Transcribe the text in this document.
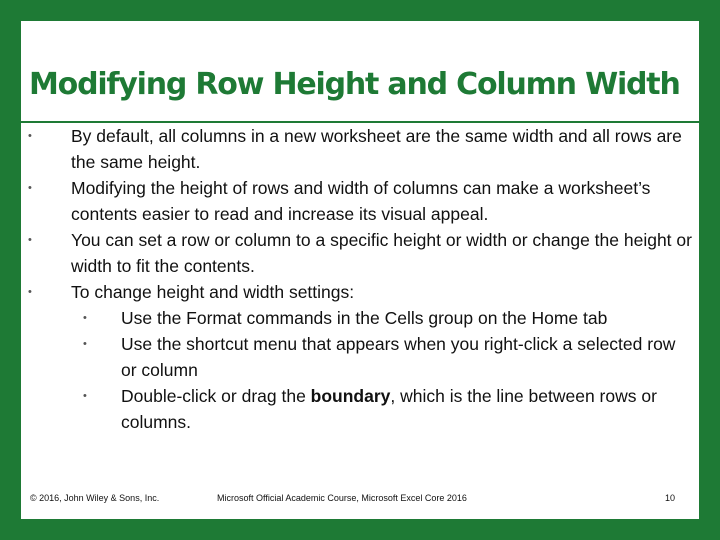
Modifying Row Height and Column Width
• By default, all columns in a new worksheet are the same width and all rows are the same height.
• Modifying the height of rows and width of columns can make a worksheet’s contents easier to read and increase its visual appeal.
• You can set a row or column to a specific height or width or change the height or width to fit the contents.
• To change height and width settings:
• Use the Format commands in the Cells group on the Home tab
• Use the shortcut menu that appears when you right-click a selected row or column
• Double-click or drag the boundary, which is the line between rows or columns.
© 2016, John Wiley & Sons, Inc.	Microsoft Official Academic Course, Microsoft Excel Core 2016	10
